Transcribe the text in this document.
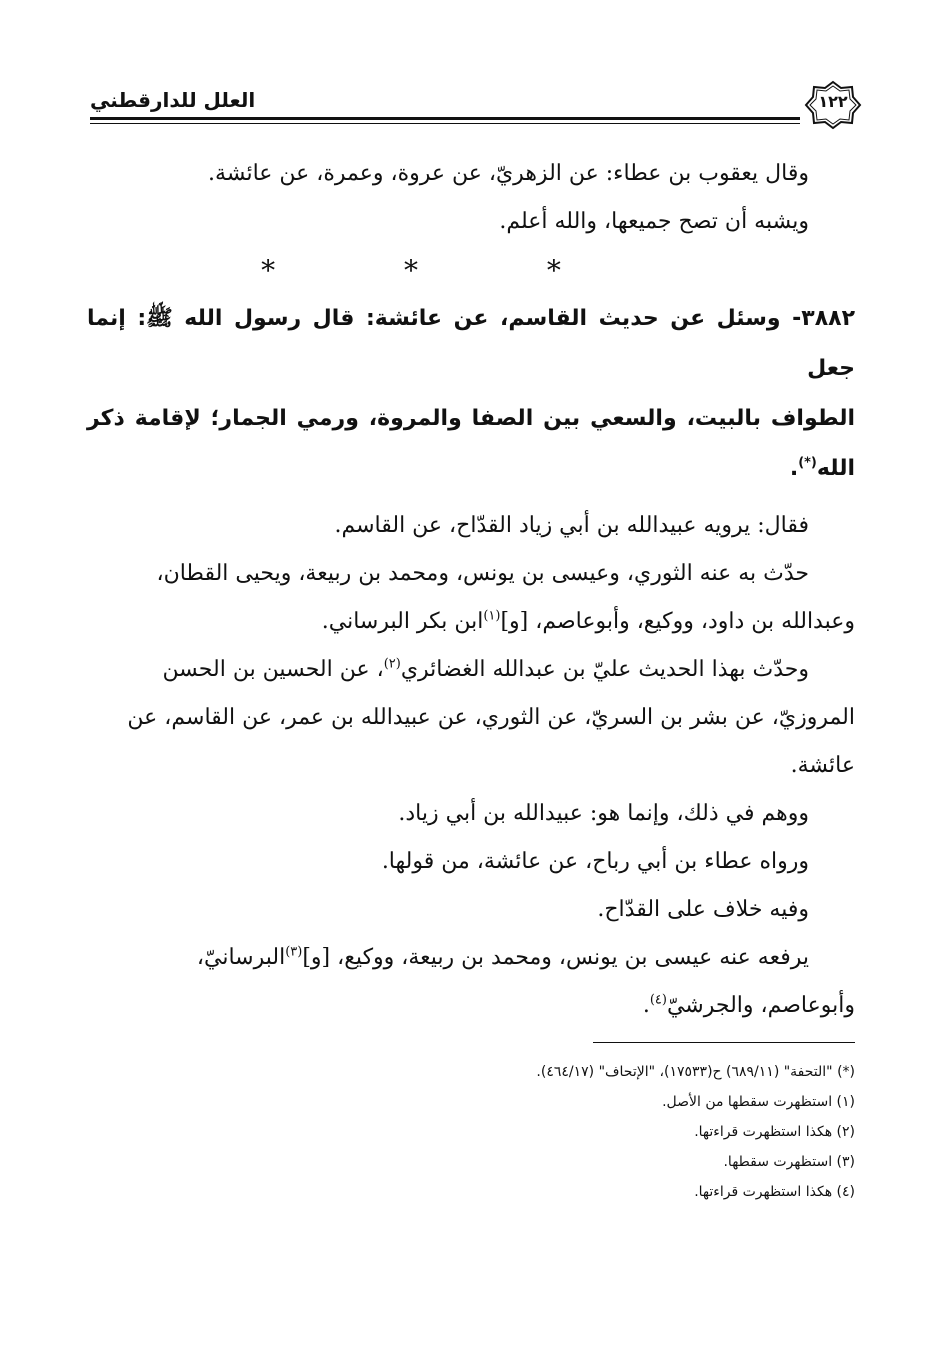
العلل للدارقطني	١٢٢

وقال يعقوب بن عطاء: عن الزهريّ، عن عروة، وعمرة، عن عائشة.

ويشبه أن تصح جميعها، والله أعلم.

* * *

٣٨٨٢- وسئل عن حديث القاسم، عن عائشة: قال رسول الله ﷺ: إنما جعل

الطواف بالبيت، والسعي بين الصفا والمروة، ورمي الجمار؛ لإقامة ذكر الله(*).

فقال: يرويه عبيدالله بن أبي زياد القدّاح، عن القاسم.

حدّث به عنه الثوري، وعيسى بن يونس، ومحمد بن ربيعة، ويحيى القطان،

وعبدالله بن داود، ووكيع، وأبوعاصم، [و]$^{(١)}$ابن بكر البرساني.

وحدّث بهذا الحديث عليّ بن عبدالله الغضائري$^{(٢)}$، عن الحسين بن الحسن

المروزيّ، عن بشر بن السريّ، عن الثوري، عن عبيدالله بن عمر، عن القاسم، عن

عائشة.

ووهم في ذلك، وإنما هو: عبيدالله بن أبي زياد.

ورواه عطاء بن أبي رباح، عن عائشة، من قولها.

وفيه خلاف على القدّاح.

يرفعه عنه عيسى بن يونس، ومحمد بن ربيعة، ووكيع، [و]$^{(٣)}$البرسانيّ،

وأبوعاصم، والجرشيّ$^{(٤)}$.

(*) "التحفة" (٦٨٩/١١) ح(١٧٥٣٣)، "الإتحاف" (٤٦٤/١٧).

(١) استظهرت سقطها من الأصل.

(٢) هكذا استظهرت قراءتها.

(٣) استظهرت سقطها.

(٤) هكذا استظهرت قراءتها.
